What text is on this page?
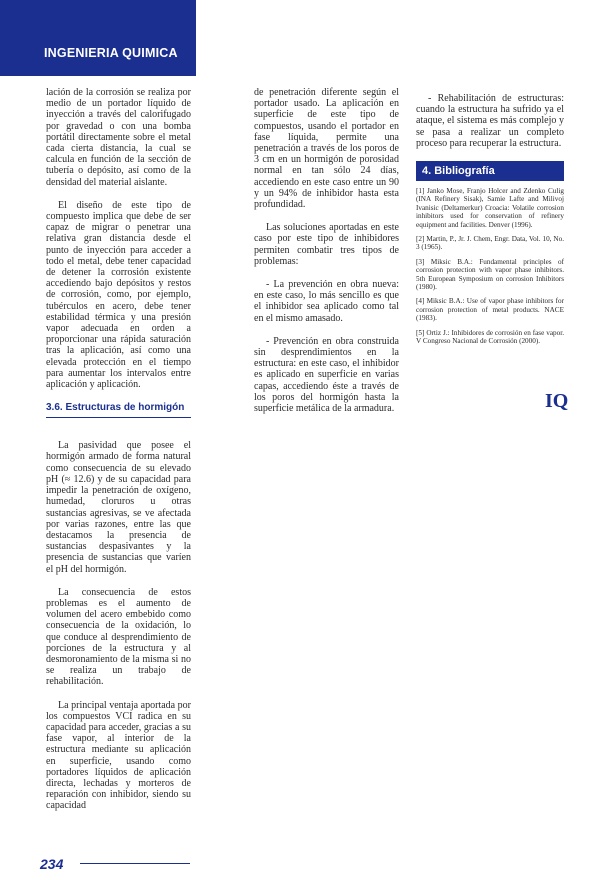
INGENIERIA QUIMICA

lación de la corrosión se realiza por medio de un portador líquido de inyección a través del calorifugado por gravedad o con una bomba portátil directamente sobre el metal cada cierta distancia, la cual se calcula en función de la sección de tubería o depósito, así como de la densidad del material aislante.

El diseño de este tipo de compuesto implica que debe de ser capaz de migrar o penetrar una relativa gran distancia desde el punto de inyección para acceder a todo el metal, debe tener capacidad de detener la corrosión existente accediendo bajo depósitos y restos de corrosión, como, por ejemplo, tubérculos en acero, debe tener estabilidad térmica y una presión vapor adecuada en orden a proporcionar una rápida saturación tras la aplicación, así como una elevada protección en el tiempo para aumentar los intervalos entre aplicación y aplicación.

3.6. Estructuras de hormigón

La pasividad que posee el hormigón armado de forma natural como consecuencia de su elevado pH (≈ 12.6) y de su capacidad para impedir la penetración de oxígeno, humedad, cloruros u otras sustancias agresivas, se ve afectada por varias razones, entre las que destacamos la presencia de sustancias despasivantes y la presencia de sustancias que varíen el pH del hormigón.

La consecuencia de estos problemas es el aumento de volumen del acero embebido como consecuencia de la oxidación, lo que conduce al desprendimiento de porciones de la estructura y al desmoronamiento de la misma si no se realiza un trabajo de rehabilitación.

La principal ventaja aportada por los compuestos VCI radica en su capacidad para acceder, gracias a su fase vapor, al interior de la estructura mediante su aplicación en superficie, usando como portadores líquidos de aplicación directa, lechadas y morteros de reparación con inhibidor, siendo su capacidad

de penetración diferente según el portador usado. La aplicación en superficie de este tipo de compuestos, usando el portador en fase líquida, permite una penetración a través de los poros de 3 cm en un hormigón de porosidad normal en tan sólo 24 días, accediendo en este caso entre un 90 y un 94% de inhibidor hasta esta profundidad.

Las soluciones aportadas en este caso por este tipo de inhibidores permiten combatir tres tipos de problemas:

- La prevención en obra nueva: en este caso, lo más sencillo es que el inhibidor sea aplicado como tal en el mismo amasado.

- Prevención en obra construida sin desprendimientos en la estructura: en este caso, el inhibidor es aplicado en superficie en varias capas, accediendo éste a través de los poros del hormigón hasta la superficie metálica de la armadura.

- Rehabilitación de estructuras: cuando la estructura ha sufrido ya el ataque, el sistema es más complejo y se pasa a realizar un completo proceso para recuperar la estructura.

4. Bibliografía
[1] Janko Mose, Franjo Holcer and Zdenko Culig (INA Refinery Sisak), Samie Lafte and Milivoj Ivanisic (Deltamerkur) Croacia: Volatile corrosion inhibitors used for conservation of refinery equipment and facilities. Denver (1996).
[2] Martin, P., Jr. J. Chem, Engr. Data, Vol. 10, No. 3 (1965).
[3] Miksic B.A.: Fundamental principles of corrosion protection with vapor phase inhibitors. 5th European Symposium on corrosion Inhibitors (1980).
[4] Miksic B.A.: Use of vapor phase inhibitors for corrosion protection of metal products. NACE (1983).
[5] Ortiz J.: Inhibidores de corrosión en fase vapor. V Congreso Nacional de Corrosión (2000).
IQ
234
